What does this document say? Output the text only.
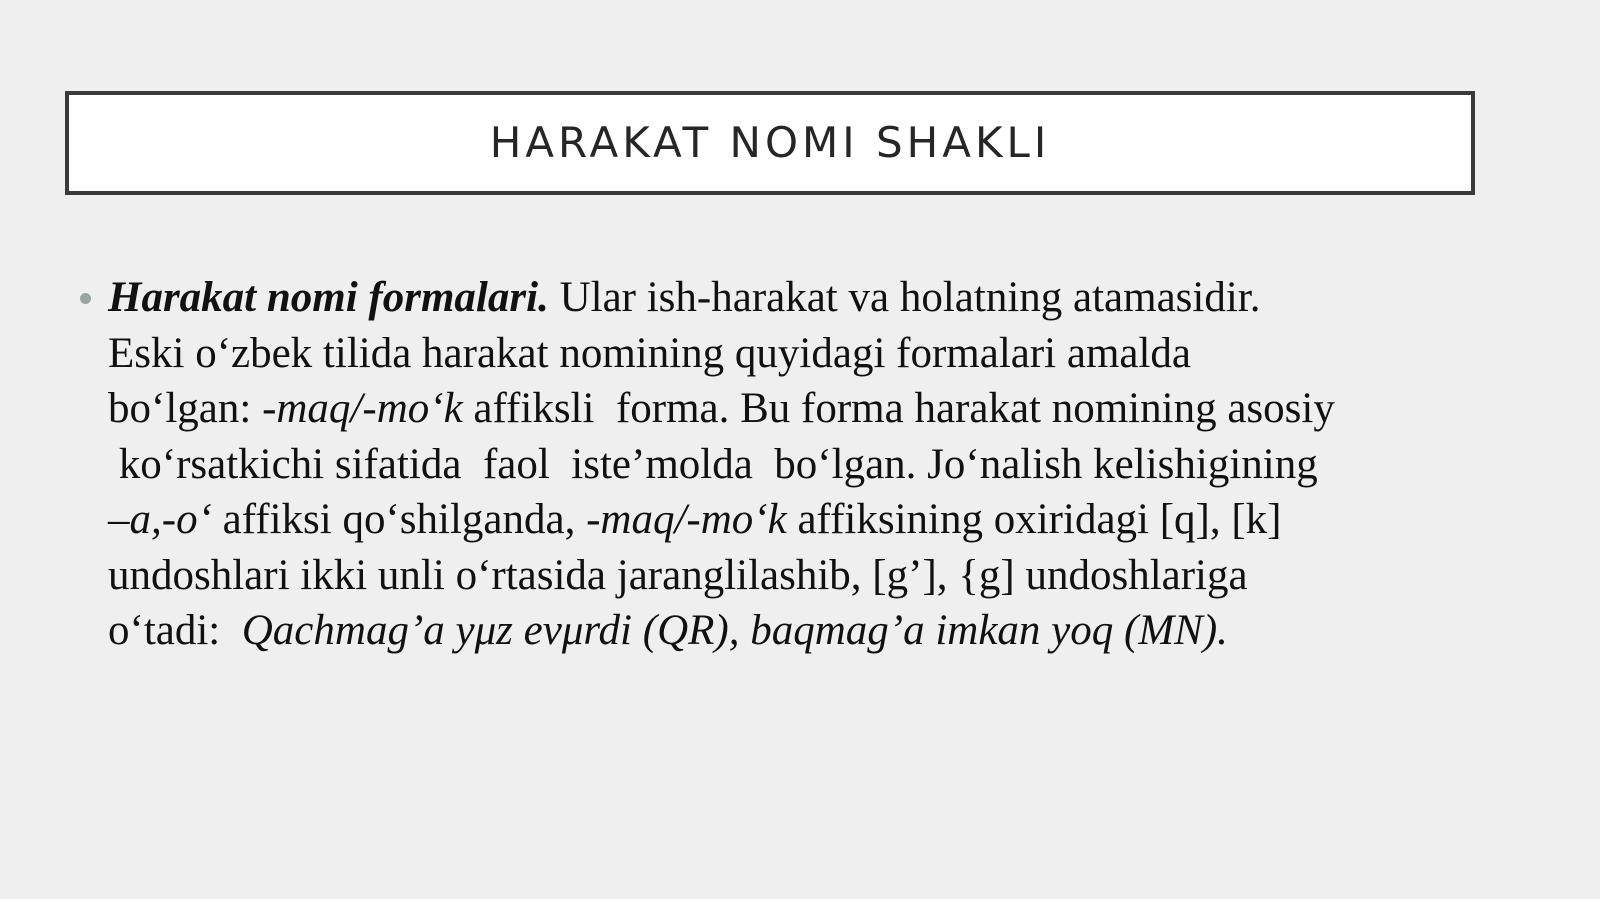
HARAKAT NOMI SHAKLI
Harakat nomi formalari. Ular ish-harakat va holatning atamasidir.
Eski o‘zbek tilida harakat nomining quyidagi formalari amalda
bo‘lgan: -maq/-mo‘k affiksli  forma. Bu forma harakat nomining asosiy
ko‘rsatkichi sifatida  faol  iste’molda  bo‘lgan. Jo‘nalish kelishigining
–a,-o‘ affiksi qo‘shilganda, -maq/-mo‘k affiksining oxiridagi [q], [k]
undoshlari ikki unli o‘rtasida jaranglilashib, [g’], {g] undoshlariga
o‘tadi:  Qachmag’a yμz evμrdi (QR), baqmag’a imkan yoq (MN).
